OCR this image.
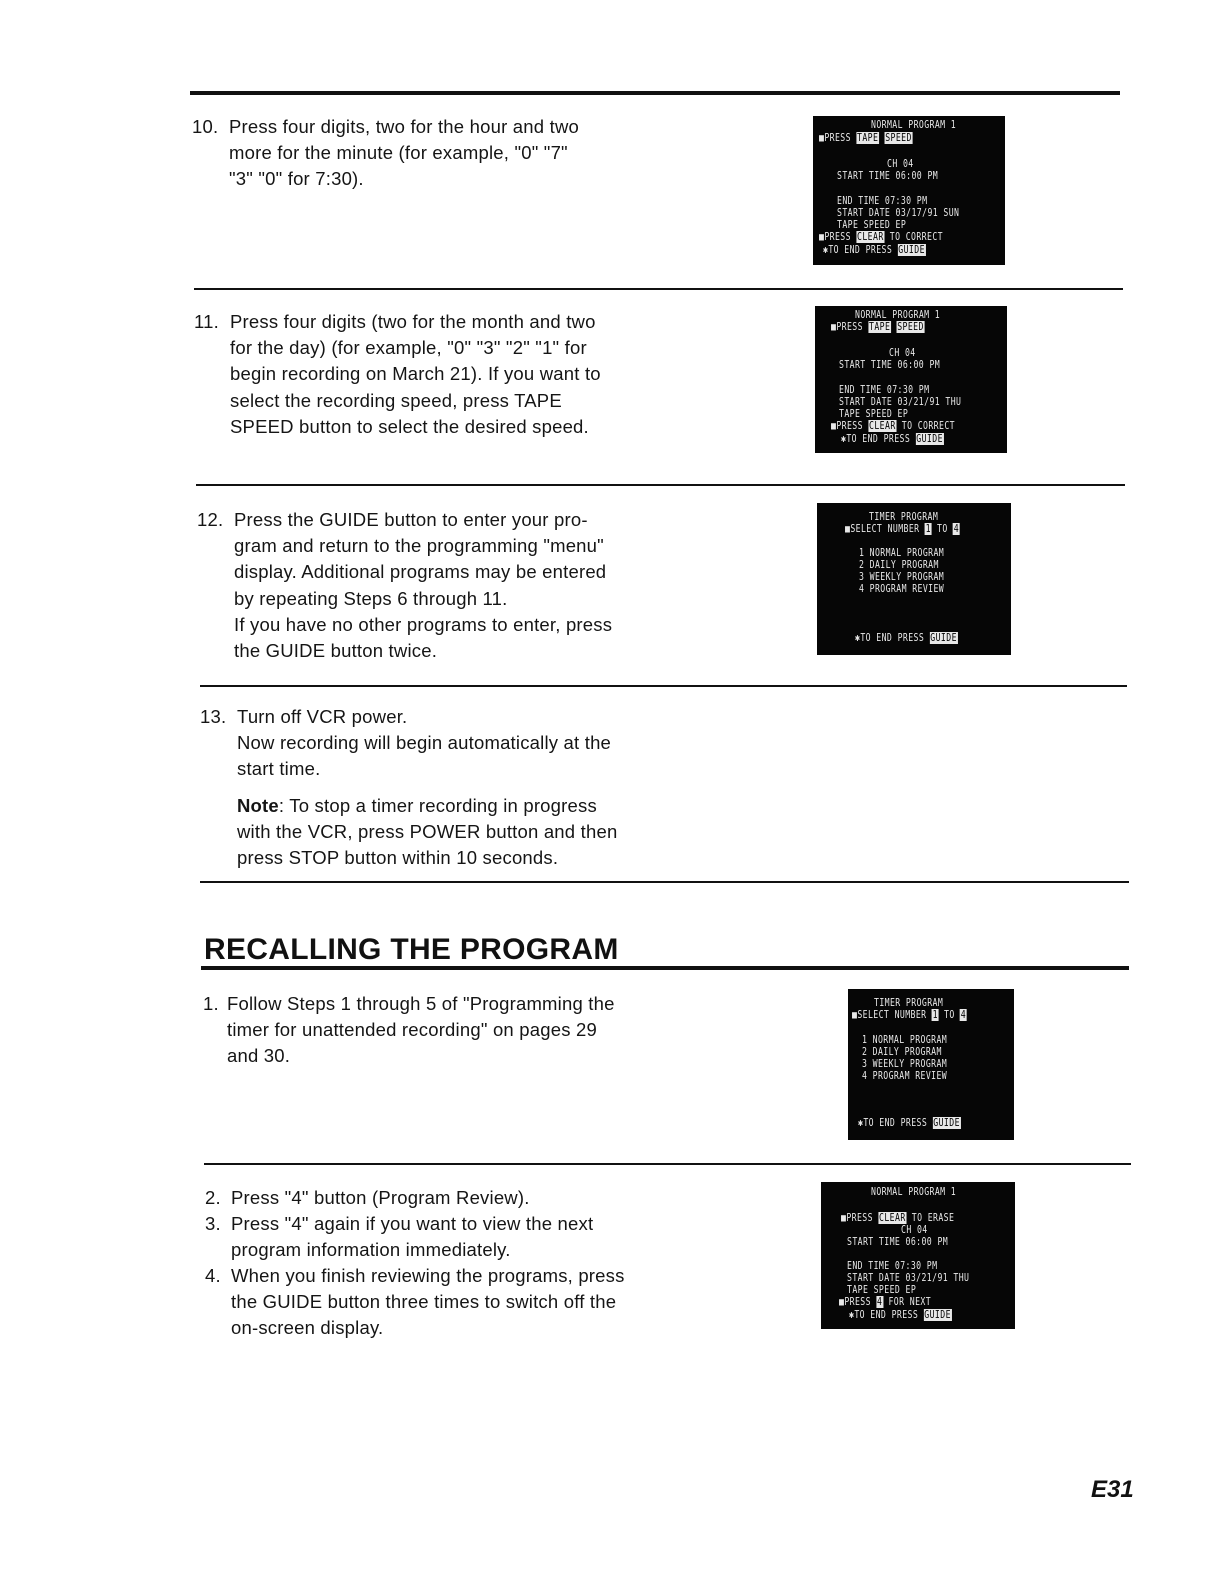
10. Press four digits, two for the hour and two
more for the minute (for example, "0" "7"
"3" "0" for 7:30).
11. Press four digits (two for the month and two
for the day) (for example, "0" "3" "2" "1" for
begin recording on March 21). If you want to
select the recording speed, press TAPE
SPEED button to select the desired speed.
12. Press the GUIDE button to enter your pro-
gram and return to the programming "menu"
display. Additional programs may be entered
by repeating Steps 6 through 11.
If you have no other programs to enter, press
the GUIDE button twice.
13. Turn off VCR power.
Now recording will begin automatically at the
start time.
Note: To stop a timer recording in progress
with the VCR, press POWER button and then
press STOP button within 10 seconds.
RECALLING THE PROGRAM
1. Follow Steps 1 through 5 of "Programming the
timer for unattended recording" on pages 29
and 30.
2. Press "4" button (Program Review).
3. Press "4" again if you want to view the next
program information immediately.
4. When you finish reviewing the programs, press
the GUIDE button three times to switch off the
on-screen display.
NORMAL PROGRAM 1
■PRESS TAPE SPEED
CH 04
START TIME 06:00 PM
END TIME 07:30 PM
START DATE 03/17/91 SUN
TAPE SPEED EP
■PRESS CLEAR TO CORRECT
✱TO END PRESS GUIDE
NORMAL PROGRAM 1
■PRESS TAPE SPEED
CH 04
START TIME 06:00 PM
END TIME 07:30 PM
START DATE 03/21/91 THU
TAPE SPEED EP
■PRESS CLEAR TO CORRECT
✱TO END PRESS GUIDE
TIMER PROGRAM
■SELECT NUMBER 1 TO 4
1 NORMAL PROGRAM
2 DAILY PROGRAM
3 WEEKLY PROGRAM
4 PROGRAM REVIEW
✱TO END PRESS GUIDE
TIMER PROGRAM
■SELECT NUMBER 1 TO 4
1 NORMAL PROGRAM
2 DAILY PROGRAM
3 WEEKLY PROGRAM
4 PROGRAM REVIEW
✱TO END PRESS GUIDE
NORMAL PROGRAM 1
■PRESS CLEAR TO ERASE
CH 04
START TIME 06:00 PM
END TIME 07:30 PM
START DATE 03/21/91 THU
TAPE SPEED EP
■PRESS 4 FOR NEXT
✱TO END PRESS GUIDE
E31
